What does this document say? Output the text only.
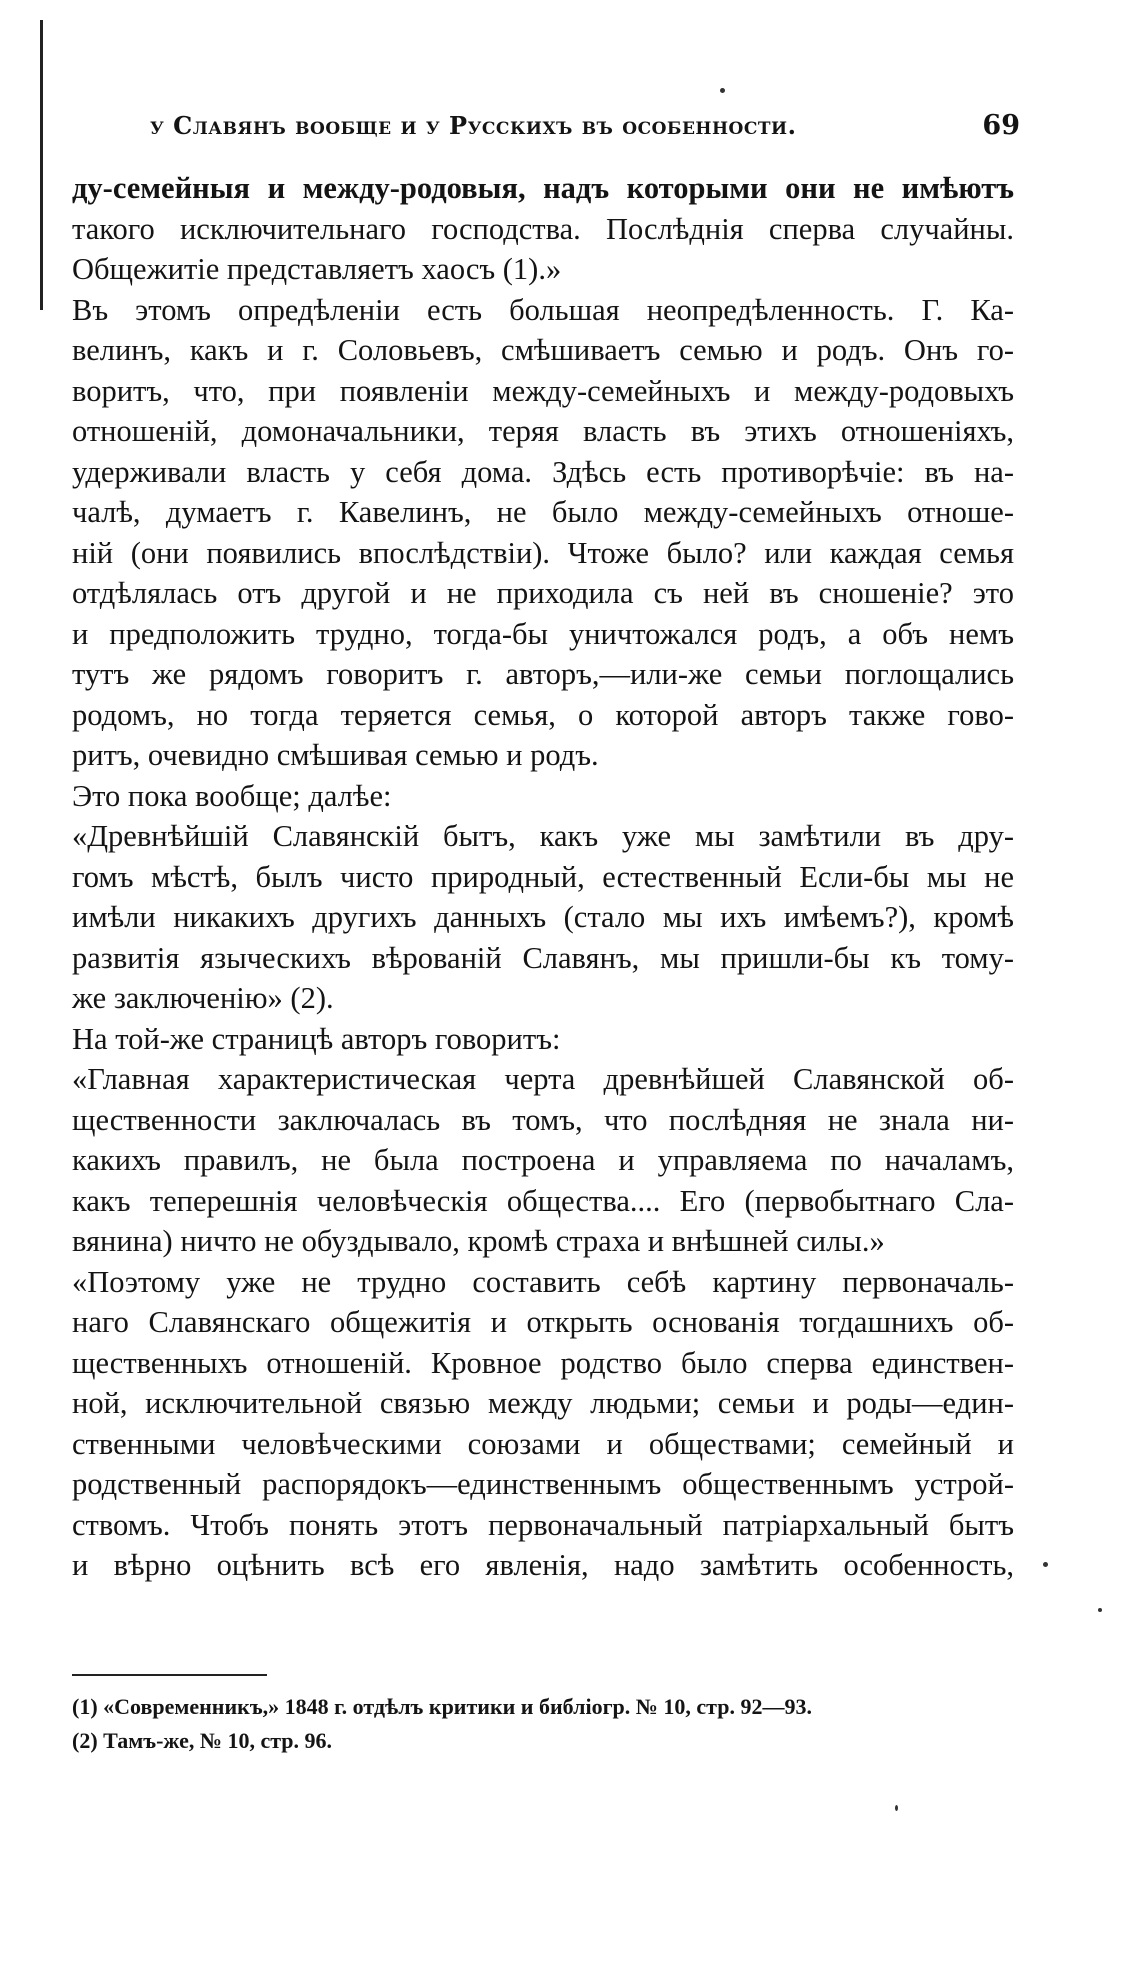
у Славянъ вообще и у Русскихъ въ особенности.	69
ду-семейныя и между-родовыя, надъ которыми они не имѣютъ
такого исключительнаго господства. Послѣднія сперва случайны.
Общежитіе представляетъ хаосъ (1).»
Въ этомъ опредѣленіи есть большая неопредѣленность. Г. Ка-
велинъ, какъ и г. Соловьевъ, смѣшиваетъ семью и родъ. Онъ го-
воритъ, что, при появленіи между-семейныхъ и между-родовыхъ
отношеній, домоначальники, теряя власть въ этихъ отношеніяхъ,
удерживали власть у себя дома. Здѣсь есть противорѣчіе: въ на-
чалѣ, думаетъ г. Кавелинъ, не было между-семейныхъ отноше-
ній (они появились впослѣдствіи). Чтоже было? или каждая семья
отдѣлялась отъ другой и не приходила съ ней въ сношеніе? это
и предположить трудно, тогда-бы уничтожался родъ, а объ немъ
тутъ же рядомъ говоритъ г. авторъ,—или-же семьи поглощались
родомъ, но тогда теряется семья, о которой авторъ также гово-
ритъ, очевидно смѣшивая семью и родъ.
Это пока вообще; далѣе:
«Древнѣйшій Славянскій бытъ, какъ уже мы замѣтили въ дру-
гомъ мѣстѣ, былъ чисто природный, естественный Если-бы мы не
имѣли никакихъ другихъ данныхъ (стало мы ихъ имѣемъ?), кромѣ
развитія языческихъ вѣрованій Славянъ, мы пришли-бы къ тому-
же заключенію» (2).
На той-же страницѣ авторъ говоритъ:
«Главная характеристическая черта древнѣйшей Славянской об-
щественности заключалась въ томъ, что послѣдняя не знала ни-
какихъ правилъ, не была построена и управляема по началамъ,
какъ теперешнія человѣческія общества.... Его (первобытнаго Сла-
вянина) ничто не обуздывало, кромѣ страха и внѣшней силы.»
«Поэтому уже не трудно составить себѣ картину первоначаль-
наго Славянскаго общежитія и открыть основанія тогдашнихъ об-
щественныхъ отношеній. Кровное родство было сперва единствен-
ной, исключительной связью между людьми; семьи и роды—един-
ственными человѣческими союзами и обществами; семейный и
родственный распорядокъ—единственнымъ общественнымъ устрой-
ствомъ. Чтобъ понять этотъ первоначальный патріархальный бытъ
и вѣрно оцѣнить всѣ его явленія, надо замѣтить особенность,
(1) «Современникъ,» 1848 г. отдѣлъ критики и библіогр. № 10, стр. 92—93.
(2) Тамъ-же, № 10, стр. 96.
